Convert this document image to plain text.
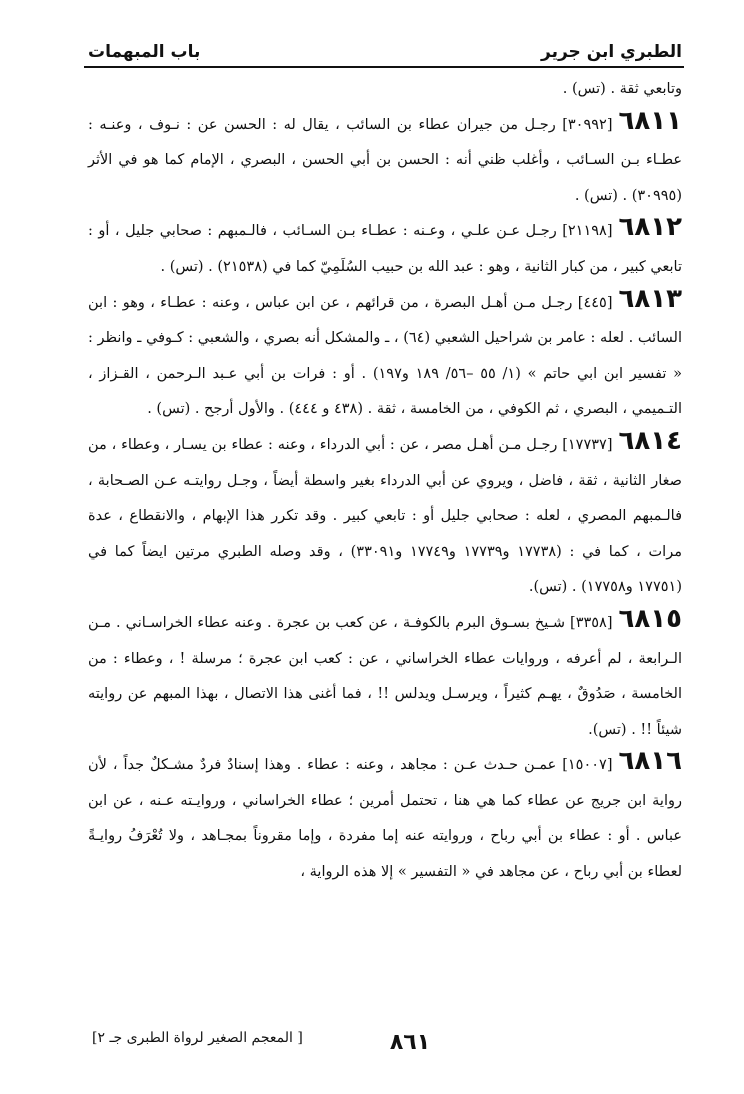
الطبري ابن جرير
باب المبهمات

وتابعي ثقة . (تس) .

٦٨١١[٣٠٩٩٢] رجـل من جيران عطاء بن السائب ، يقال له : الحسن عن : نـوف ، وعنـه : عطـاء بـن السـائب ، وأغلب ظني أنه : الحسن بن أبي الحسن ، البصري ، الإمام كما هو في الأثر (٣٠٩٩٥) . (تس) .

٦٨١٢[٢١١٩٨] رجـل عـن علـي ، وعـنه : عطـاء بـن السـائب ، فالـمبهم : صحابي جليل ، أو : تابعي كبير ، من كبار الثانية ، وهو : عبد الله بن حبيب السُلَمِيّ كما في (٢١٥٣٨) . (تس) .

٦٨١٣[٤٤٥] رجـل مـن أهـل البصرة ، من قرائهم ، عن ابن عباس ، وعنه : عطـاء ، وهو : ابن السائب . لعله : عامر بن شراحيل الشعبي (٦٤) ، ـ والمشكل أنه بصري ، والشعبي : كـوفي ـ وانظر : « تفسير ابن ابي حاتم » (١/ ٥٥ –٥٦/ ١٨٩ و١٩٧) . أو : فرات بن أبي عـبد الـرحمن ، القـزاز ، التـميمي ، البصري ، ثم الكوفي ، من الخامسة ، ثقة . (٤٣٨ و ٤٤٤) . والأول أرجح . (تس) .

٦٨١٤[١٧٧٣٧] رجـل مـن أهـل مصر ، عن : أبي الدرداء ، وعنه : عطاء بن يسـار ، وعطاء ، من صغار الثانية ، ثقة ، فاضل ، ويروي عن أبي الدرداء بغير واسطة أيضاً ، وجـل روايتـه عـن الصـحابة ، فالـمبهم المصري ، لعله : صحابي جليل أو : تابعي كبير . وقد تكرر هذا الإبهام ، والانقطاع ، عدة مرات ، كما في : (١٧٧٣٨ و١٧٧٣٩ و١٧٧٤٩ و٣٣٠٩١) ، وقد وصله الطبري مرتين ايضاً كما في (١٧٧٥١ و١٧٧٥٨) . (تس).

٦٨١٥[٣٣٥٨] شـيخ بسـوق البرم بالكوفـة ، عن كعب بن عجرة . وعنه عطاء الخراسـاني . مـن الـرابعة ، لم أعرفه ، وروايات عطاء الخراساني ، عن : كعب ابن عجرة ؛ مرسلة ! ، وعطاء : من الخامسة ، صَدُوقٌ ، يهـم كثيراً ، ويرسـل ويدلس !! ، فما أغنى هذا الاتصال ، بهذا المبهم عن روايته شيئاً !! . (تس).

٦٨١٦[١٥٠٠٧] عمـن حـدث عـن : مجاهد ، وعنه : عطاء . وهذا إسنادٌ فردٌ مشـكلٌ جداً ، لأن رواية ابن جريج عن عطاء كما هي هنا ، تحتمل أمرين ؛ عطاء الخراساني ، وروايـته عـنه ، عن ابن عباس . أو : عطاء بن أبي رباح ، وروايته عنه إما مفردة ، وإما مقروناً بمجـاهد ، ولا تُعْرَفُ روايـةً لعطاء بن أبي رباح ، عن مجاهد في « التفسير » إلا هذه الرواية ،

[ المعجم الصغير لرواة الطبرى جـ ٢]	٨٦١
